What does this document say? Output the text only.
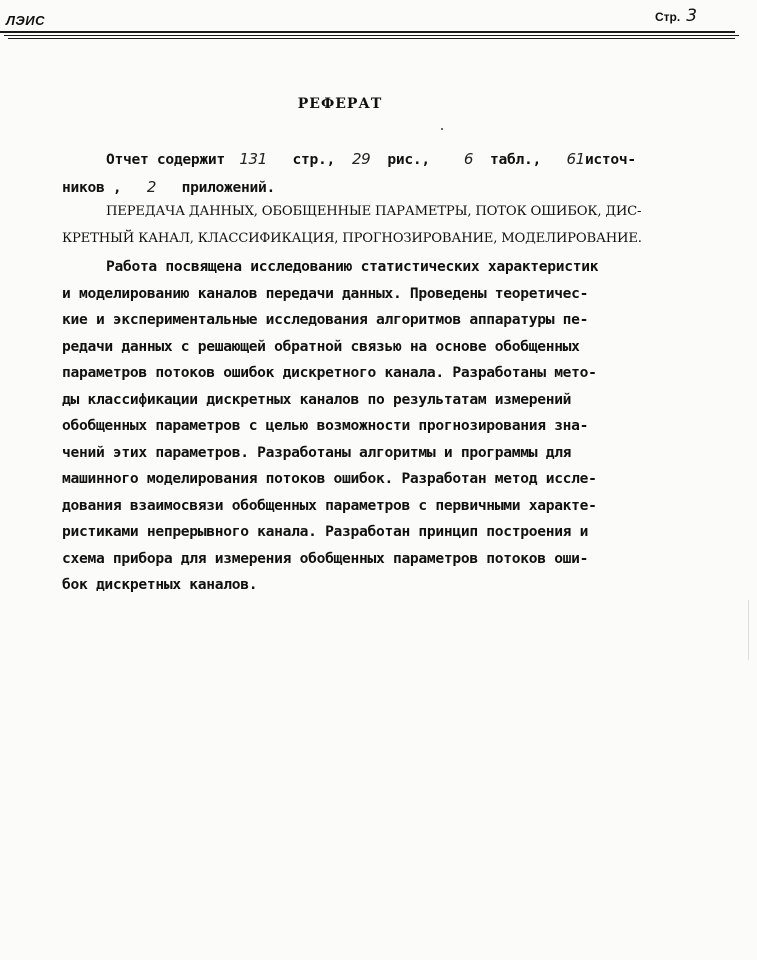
ЛЭИС	Стр. 3
РЕФЕРАТ
Отчет содержит 131 стр., 29 рис., 6 табл., 61источ-
ников , 2 приложений.
ПЕРЕДАЧА ДАННЫХ, ОБОБЩЕННЫЕ ПАРАМЕТРЫ, ПОТОК ОШИБОК, ДИС-
КРЕТНЫЙ КАНАЛ, КЛАССИФИКАЦИЯ, ПРОГНОЗИРОВАНИЕ, МОДЕЛИРОВАНИЕ.
Работа посвящена исследованию статистических характеристик
и моделированию каналов передачи данных. Проведены теоретичес-
кие и экспериментальные исследования алгоритмов аппаратуры пе-
редачи данных с решающей обратной связью на основе обобщенных
параметров потоков ошибок дискретного канала. Разработаны мето-
ды классификации дискретных каналов по результатам измерений
обобщенных параметров с целью возможности прогнозирования зна-
чений этих параметров. Разработаны алгоритмы и программы для
машинного моделирования потоков ошибок. Разработан метод иссле-
дования взаимосвязи обобщенных параметров с первичными характе-
ристиками непрерывного канала. Разработан принцип построения и
схема прибора для измерения обобщенных параметров потоков оши-
бок дискретных каналов.
